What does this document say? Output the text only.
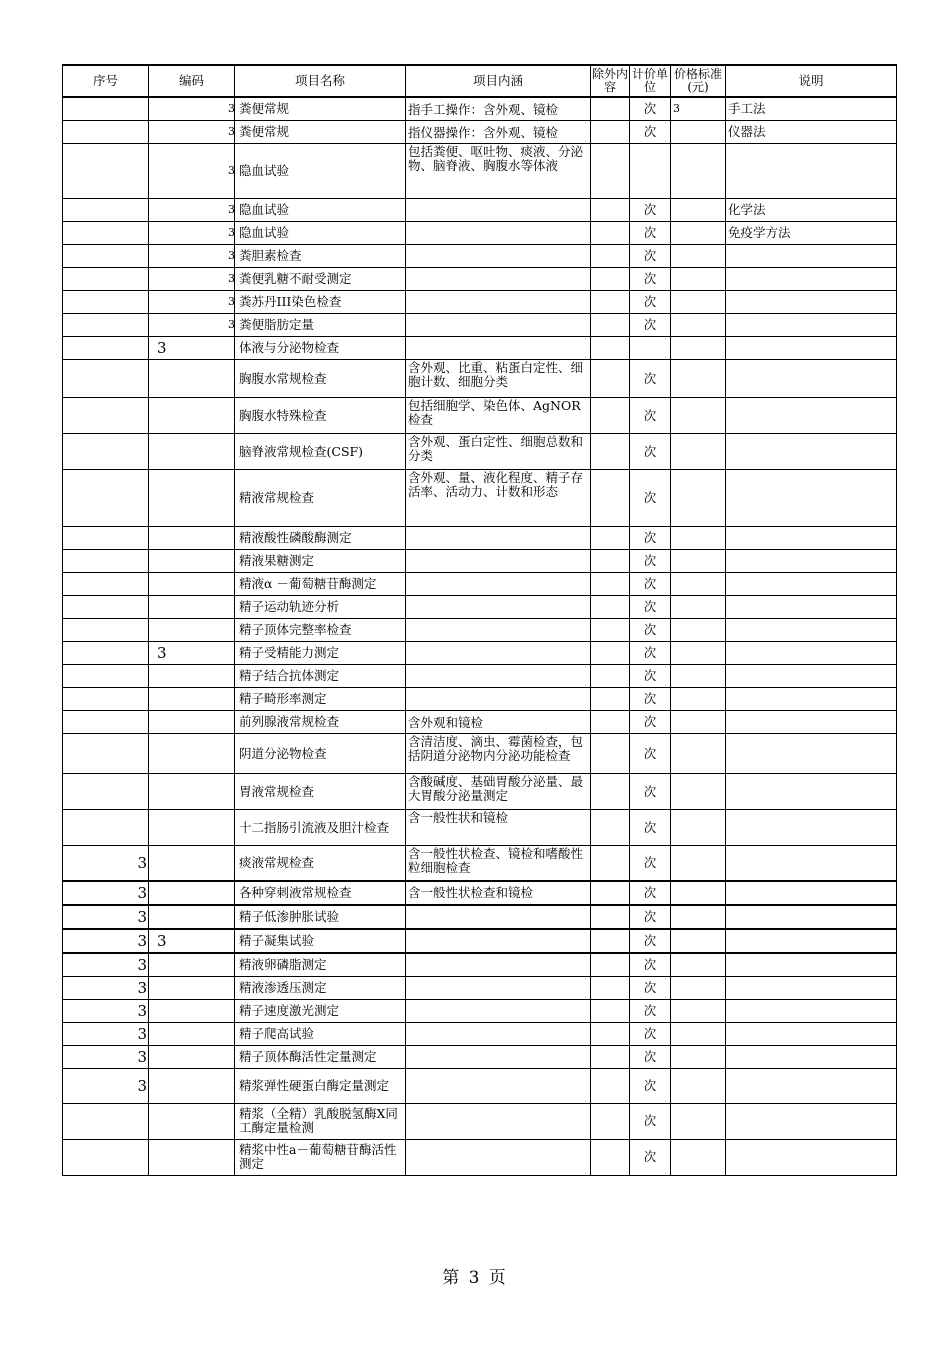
序号	编码	项目名称	项目内涵	除外内容	计价单位	价格标准(元)	说明

		3 粪便常规	指手工操作：含外观、镜检		次	3	手工法

		3 粪便常规	指仪器操作：含外观、镜检		次		仪器法

		3 隐血试验	包括粪便、呕吐物、痰液、分泌物、脑脊液、胸腹水等体液				

		3 隐血试验			次		化学法

		3 隐血试验			次		免疫学方法

		3 粪胆素检查			次		

		3 粪便乳糖不耐受测定			次		

		3 粪苏丹III染色检查			次		

		3 粪便脂肪定量			次		
	3	体液与分泌物检查					
		胸腹水常规检查	含外观、比重、粘蛋白定性、细胞计数、细胞分类		次		
		胸腹水特殊检查	包括细胞学、染色体、AgNOR检查		次		
		脑脊液常规检查(CSF)	含外观、蛋白定性、细胞总数和分类		次		
		精液常规检查	含外观、量、液化程度、精子存活率、活动力、计数和形态		次		
		精液酸性磷酸酶测定			次		
		精液果糖测定			次		
		精液α －葡萄糖苷酶测定			次		
		精子运动轨迹分析			次		
		精子顶体完整率检查			次		
	3	精子受精能力测定			次		
		精子结合抗体测定			次		
		精子畸形率测定			次		
		前列腺液常规检查	含外观和镜检		次		
		阴道分泌物检查	含清洁度、滴虫、霉菌检查，包括阴道分泌物内分泌功能检查		次		
		胃液常规检查	含酸碱度、基础胃酸分泌量、最大胃酸分泌量测定		次		
		十二指肠引流液及胆汁检查	含一般性状和镜检		次		
3		痰液常规检查	含一般性状检查、镜检和嗜酸性粒细胞检查		次		
3		各种穿刺液常规检查	含一般性状检查和镜检		次		
3		精子低渗肿胀试验			次		
3	3	精子凝集试验			次		
3		精液卵磷脂测定			次		
3		精液渗透压测定			次		
3		精子速度激光测定			次		
3		精子爬高试验			次		
3		精子顶体酶活性定量测定			次		
3		精浆弹性硬蛋白酶定量测定			次		
		精浆（全精）乳酸脱氢酶X同工酶定量检测			次		
		精浆中性a－葡萄糖苷酶活性测定			次		
第 3 页
